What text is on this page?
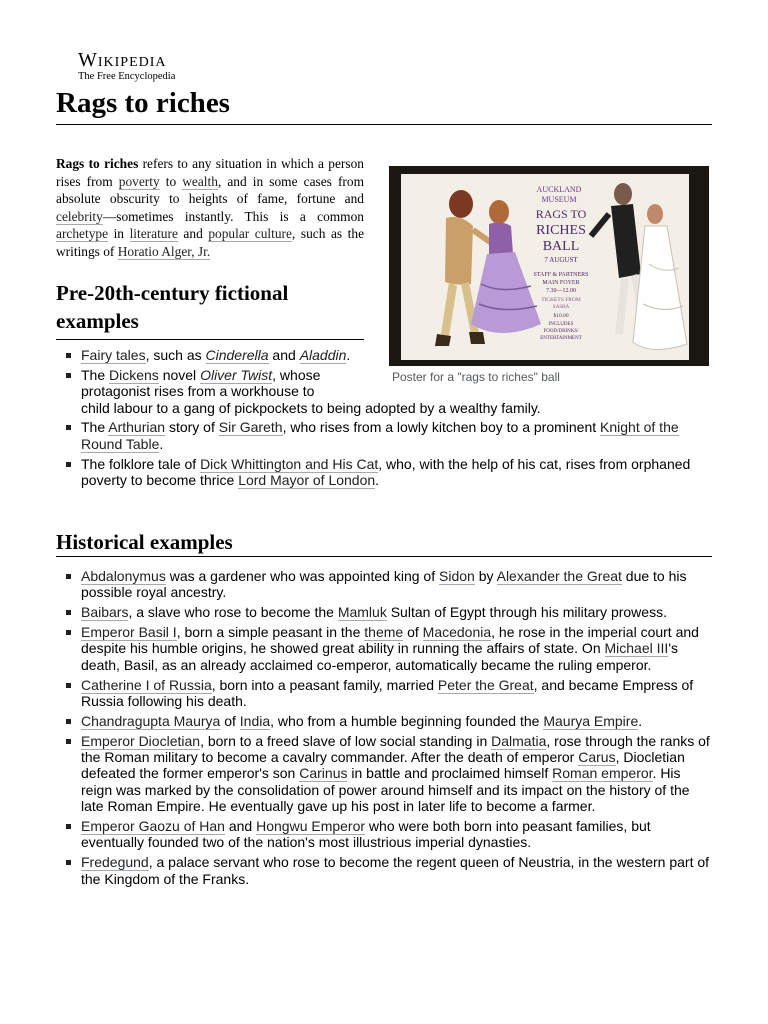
Wikipedia
The Free Encyclopedia
Rags to riches

Rags to riches refers to any situation in which a person rises from poverty to wealth, and in some cases from absolute obscurity to heights of fame, fortune and celebrity—sometimes instantly. This is a common archetype in literature and popular culture, such as the writings of Horatio Alger, Jr.

AUCKLAND
MUSEUM
RAGS TO
RICHES
BALL
7 AUGUST
STAFF & PARTNERS
MAIN FOYER
7.30—12.00
TICKETS FROM
SASHA
$10.00
INCLUDES
FOOD/DRINKS/
ENTERTAINMENT
Poster for a "rags to riches" ball
Pre-20th-century fictional examples
Fairy tales, such as Cinderella and Aladdin.
The Dickens novel Oliver Twist, whose protagonist rises from a workhouse to
child labour to a gang of pickpockets to being adopted by a wealthy family.
The Arthurian story of Sir Gareth, who rises from a lowly kitchen boy to a prominent Knight of the Round Table.
The folklore tale of Dick Whittington and His Cat, who, with the help of his cat, rises from orphaned poverty to become thrice Lord Mayor of London.
Historical examples
Abdalonymus was a gardener who was appointed king of Sidon by Alexander the Great due to his possible royal ancestry.
Baibars, a slave who rose to become the Mamluk Sultan of Egypt through his military prowess.
Emperor Basil I, born a simple peasant in the theme of Macedonia, he rose in the imperial court and despite his humble origins, he showed great ability in running the affairs of state. On Michael III's death, Basil, as an already acclaimed co-emperor, automatically became the ruling emperor.
Catherine I of Russia, born into a peasant family, married Peter the Great, and became Empress of Russia following his death.
Chandragupta Maurya of India, who from a humble beginning founded the Maurya Empire.
Emperor Diocletian, born to a freed slave of low social standing in Dalmatia, rose through the ranks of the Roman military to become a cavalry commander. After the death of emperor Carus, Diocletian defeated the former emperor's son Carinus in battle and proclaimed himself Roman emperor. His reign was marked by the consolidation of power around himself and its impact on the history of the late Roman Empire. He eventually gave up his post in later life to become a farmer.
Emperor Gaozu of Han and Hongwu Emperor who were both born into peasant families, but eventually founded two of the nation's most illustrious imperial dynasties.
Fredegund, a palace servant who rose to become the regent queen of Neustria, in the western part of the Kingdom of the Franks.
